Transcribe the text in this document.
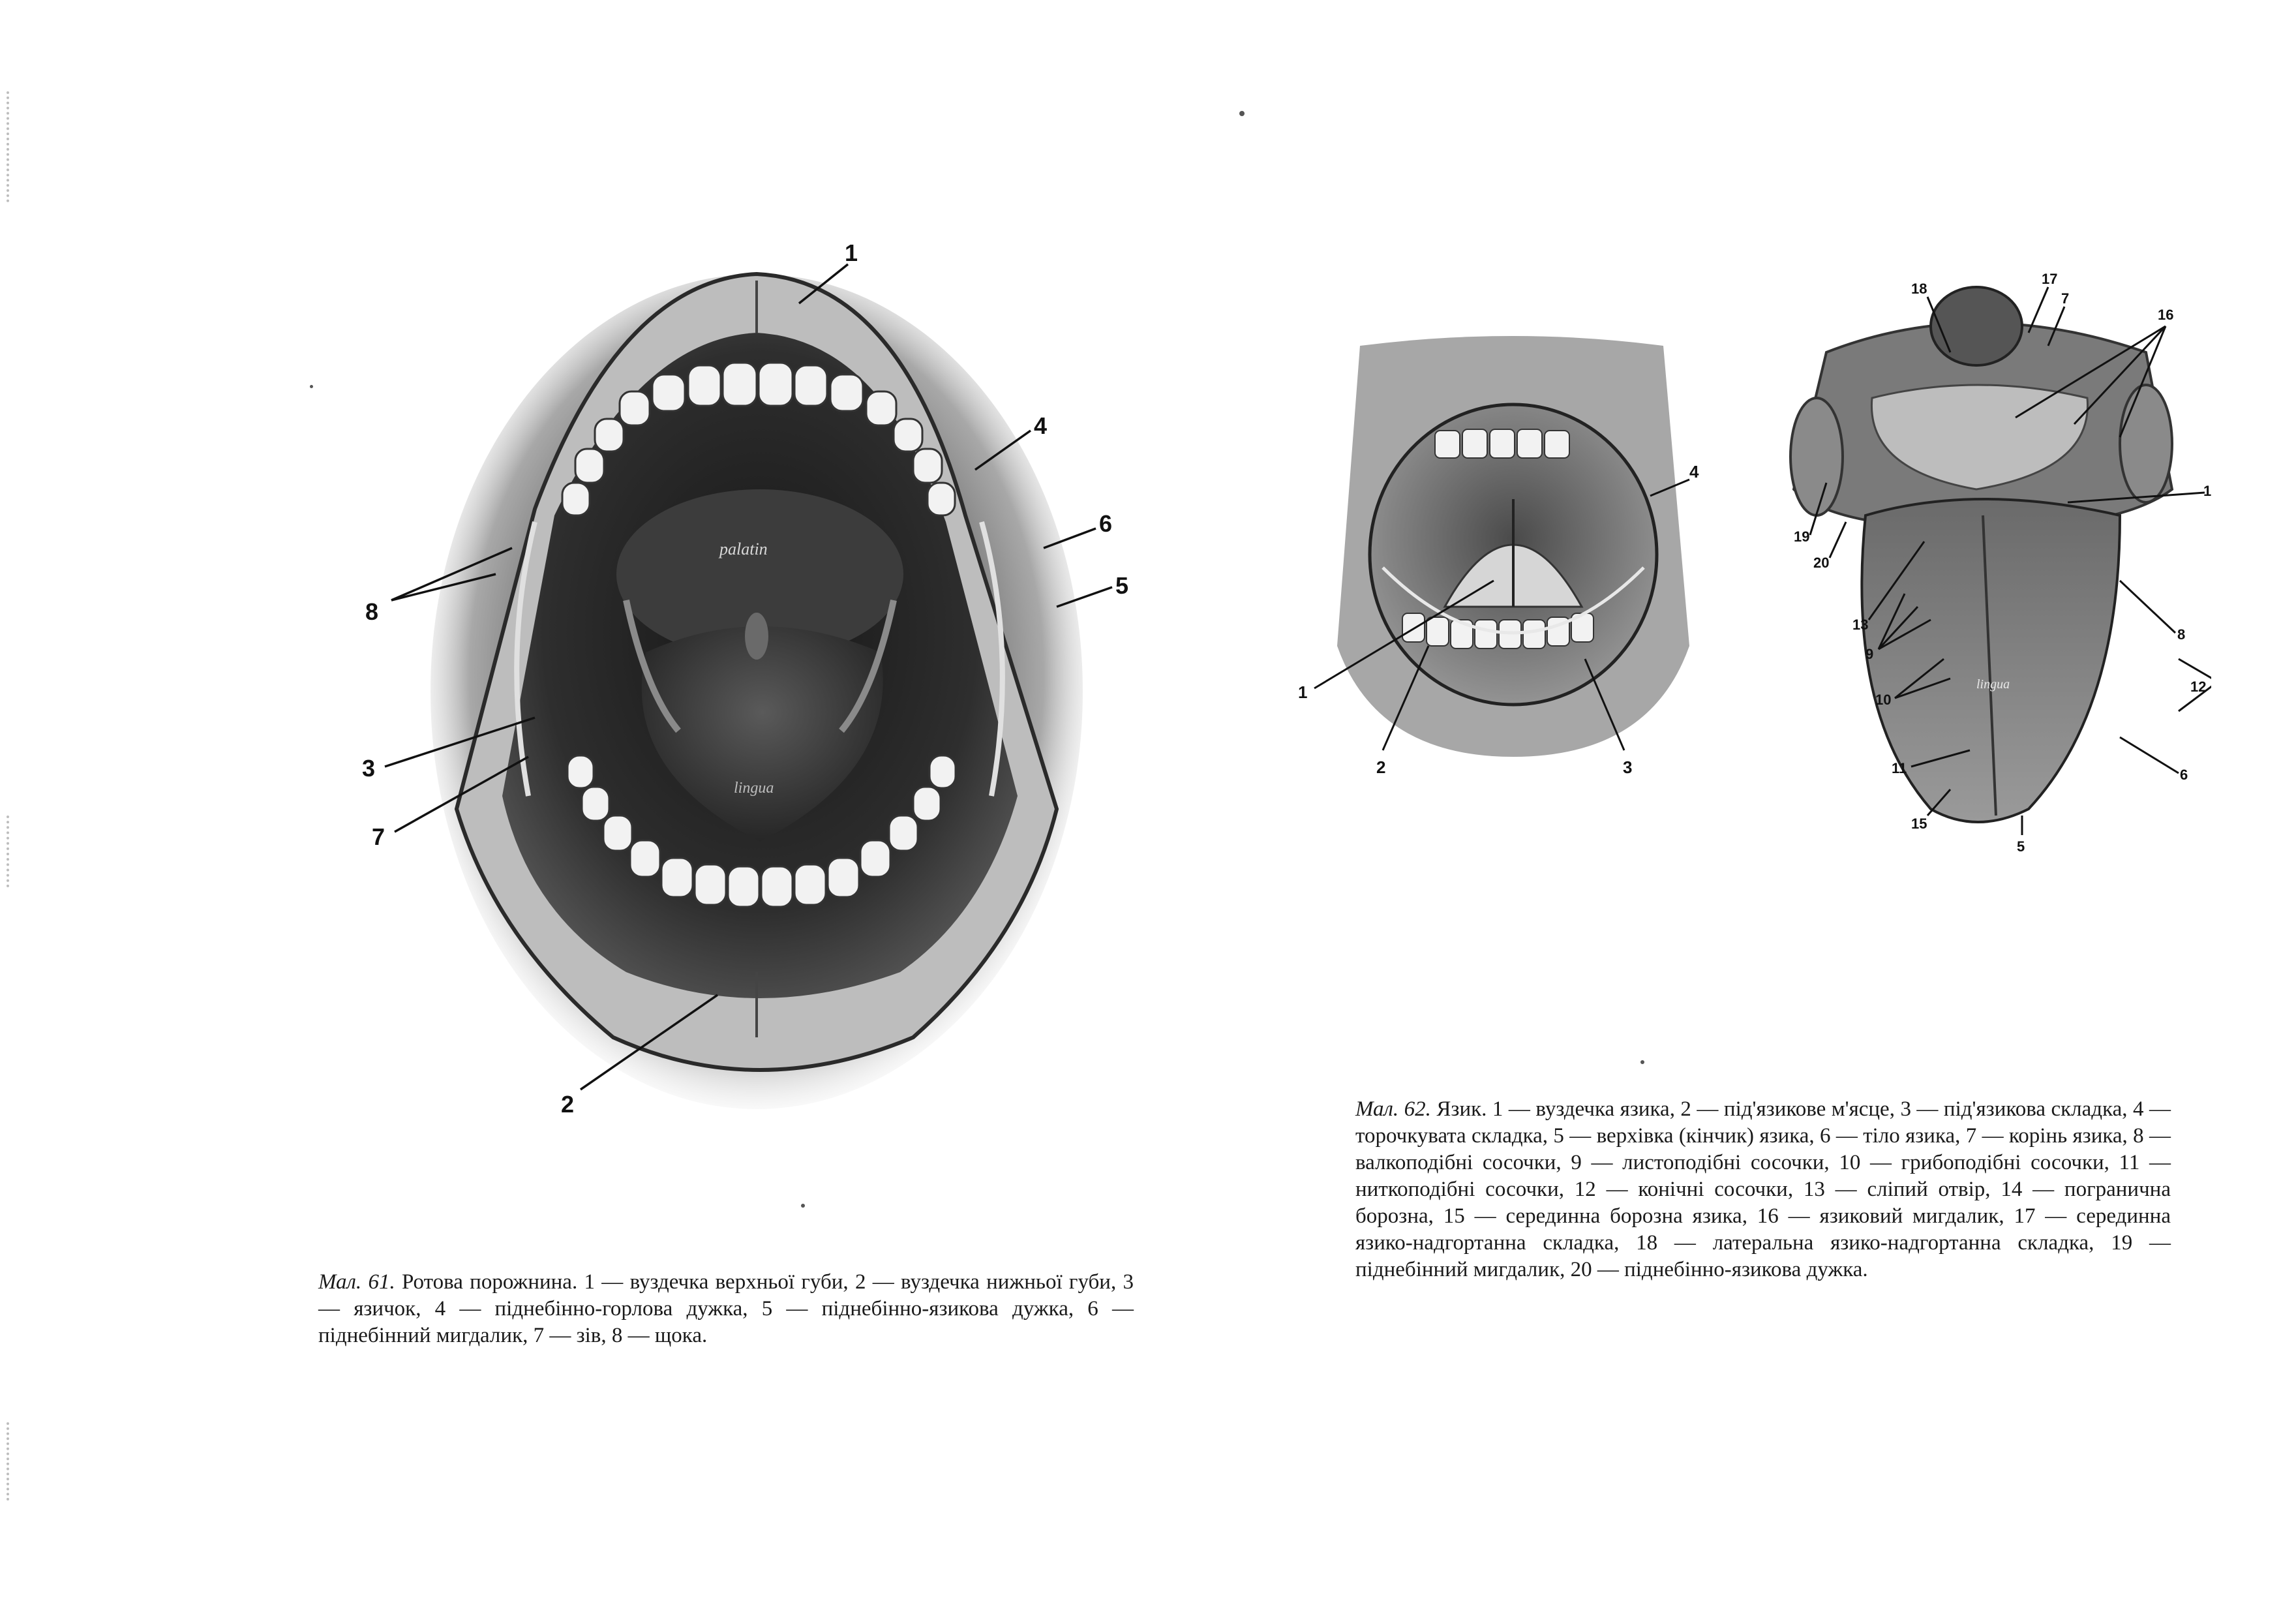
palatin
lingua
1
2
3
4
5
6
7
8
Мал. 61. Ротова порожнина. 1 — вуздечка верхньої губи, 2 — вуздечка нижньої губи, 3 — язичок, 4 — піднебінно-горлова дужка, 5 — піднебінно-язикова дужка, 6 — піднебінний мигдалик, 7 — зів, 8 — щока.
1
2	3
4
lingua
18
17
7
16
1
19
20
13
9
8
10
12
11	6
15
5
Мал. 62. Язик. 1 — вуздечка язика, 2 — під'язикове м'ясце, 3 — під'язикова складка, 4 — торочкувата складка, 5 — верхівка (кінчик) язика, 6 — тіло язика, 7 — корінь язика, 8 — валкоподібні сосочки, 9 — листоподібні сосочки, 10 — грибоподібні сосочки, 11 — ниткоподібні сосочки, 12 — конічні сосочки, 13 — сліпий отвір, 14 — погранична борозна, 15 — серединна борозна язика, 16 — язиковий мигдалик, 17 — серединна язико-надгортанна складка, 18 — латеральна язико-надгортанна складка, 19 — піднебінний мигдалик, 20 — піднебінно-язикова дужка.
